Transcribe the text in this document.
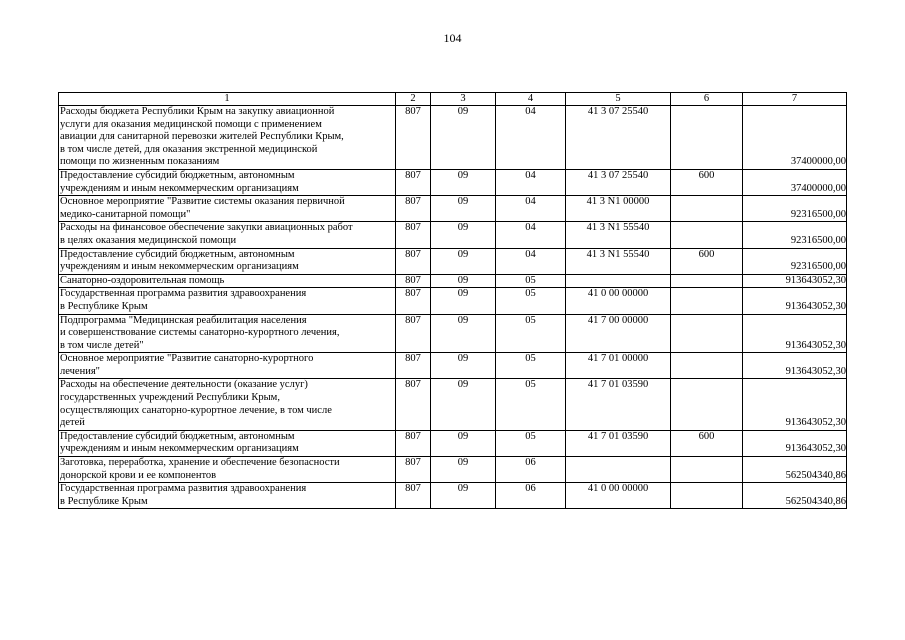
104
1	2	3	4	5	6	7
Расходы бюджета Республики Крым на закупку авиационной
услуги для оказания медицинской помощи с применением
авиации для санитарной перевозки жителей Республики Крым,
в том числе детей, для оказания экстренной медицинской
помощи по жизненным показаниям	807	09	04	41 3 07 25540		37400000,00
Предоставление субсидий бюджетным, автономным
учреждениям и иным некоммерческим организациям	807	09	04	41 3 07 25540	600	37400000,00
Основное мероприятие "Развитие системы оказания первичной
медико-санитарной помощи"	807	09	04	41 3 N1 00000		92316500,00
Расходы на финансовое обеспечение закупки авиационных работ
в целях оказания медицинской помощи	807	09	04	41 3 N1 55540		92316500,00
Предоставление субсидий бюджетным, автономным
учреждениям и иным некоммерческим организациям	807	09	04	41 3 N1 55540	600	92316500,00
Санаторно-оздоровительная помощь	807	09	05			913643052,30
Государственная программа развития здравоохранения
в Республике Крым	807	09	05	41 0 00 00000		913643052,30
Подпрограмма "Медицинская реабилитация населения
и совершенствование системы санаторно-курортного лечения,
в том числе детей"	807	09	05	41 7 00 00000		913643052,30
Основное мероприятие "Развитие санаторно-курортного
лечения"	807	09	05	41 7 01 00000		913643052,30
Расходы на обеспечение деятельности (оказание услуг)
государственных учреждений Республики Крым,
осуществляющих санаторно-курортное лечение, в том числе
детей	807	09	05	41 7 01 03590		913643052,30
Предоставление субсидий бюджетным, автономным
учреждениям и иным некоммерческим организациям	807	09	05	41 7 01 03590	600	913643052,30
Заготовка, переработка, хранение и обеспечение безопасности
донорской крови и ее компонентов	807	09	06			562504340,86
Государственная программа развития здравоохранения
в Республике Крым	807	09	06	41 0 00 00000		562504340,86
